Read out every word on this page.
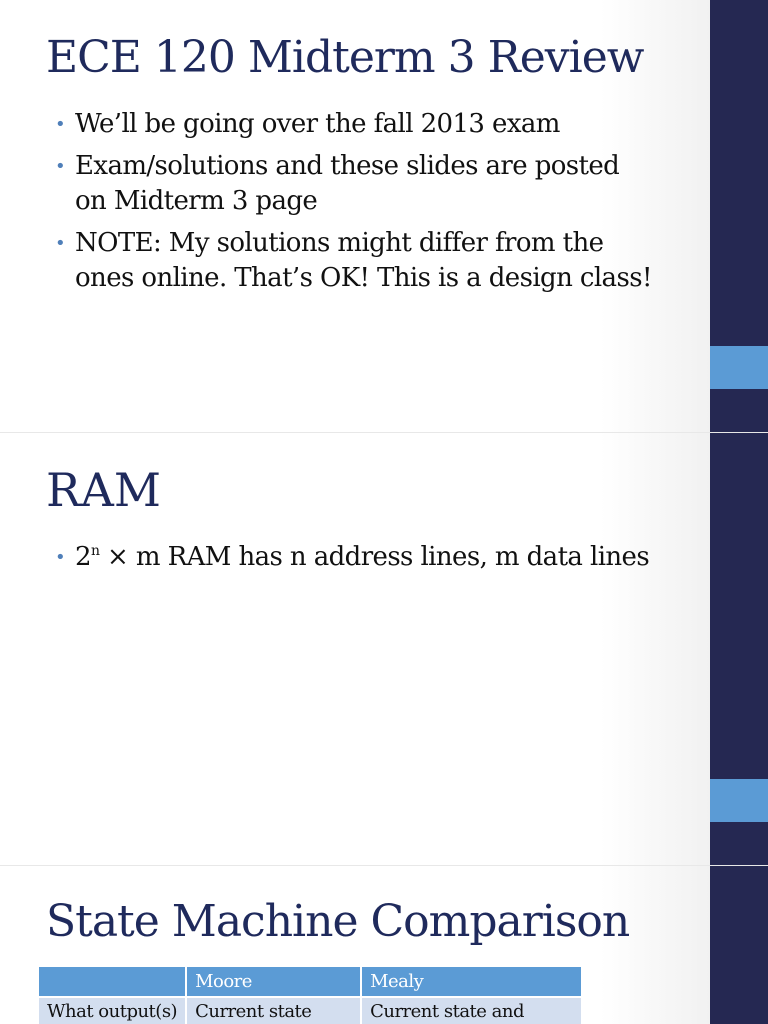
ECE 120 Midterm 3 Review
• We’ll be going over the fall 2013 exam
• Exam/solutions and these slides are posted on Midterm 3 page
• NOTE: My solutions might differ from the ones online. That’s OK! This is a design class!
RAM
• $2^n \times m$ RAM has n address lines, m data lines
State Machine Comparison
	Moore	Mealy
What output(s)	Current state	Current state and
